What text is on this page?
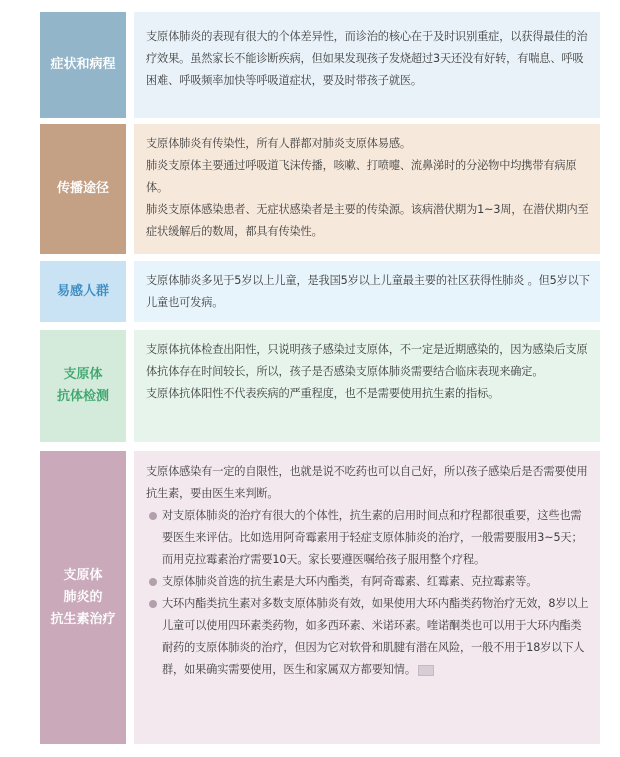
症状和病程

支原体肺炎的表现有很大的个体差异性，而诊治的核心在于及时识别重症，以获得最佳的治疗效果。虽然家长不能诊断疾病，但如果发现孩子发烧超过3天还没有好转，有喘息、呼吸困难、呼吸频率加快等呼吸道症状，要及时带孩子就医。

传播途径

支原体肺炎有传染性，所有人群都对肺炎支原体易感。

肺炎支原体主要通过呼吸道飞沫传播，咳嗽、打喷嚏、流鼻涕时的分泌物中均携带有病原体。

肺炎支原体感染患者、无症状感染者是主要的传染源。该病潜伏期为1~3周，在潜伏期内至症状缓解后的数周，都具有传染性。

易感人群

支原体肺炎多见于5岁以上儿童，是我国5岁以上儿童最主要的社区获得性肺炎 。但5岁以下儿童也可发病。

支原体
抗体检测

支原体抗体检查出阳性，只说明孩子感染过支原体，不一定是近期感染的，因为感染后支原体抗体存在时间较长，所以，孩子是否感染支原体肺炎需要结合临床表现来确定。

支原体抗体阳性不代表疾病的严重程度，也不是需要使用抗生素的指标。

支原体
肺炎的
抗生素治疗

支原体感染有一定的自限性，也就是说不吃药也可以自己好，所以孩子感染后是否需要使用抗生素，要由医生来判断。

对支原体肺炎的治疗有很大的个体性，抗生素的启用时间点和疗程都很重要，这些也需要医生来评估。比如选用阿奇霉素用于轻症支原体肺炎的治疗，一般需要服用3~5天；而用克拉霉素治疗需要10天。家长要遵医嘱给孩子服用整个疗程。

支原体肺炎首选的抗生素是大环内酯类，有阿奇霉素、红霉素、克拉霉素等。

大环内酯类抗生素对多数支原体肺炎有效，如果使用大环内酯类药物治疗无效，8岁以上儿童可以使用四环素类药物，如多西环素、米诺环素。喹诺酮类也可以用于大环内酯类耐药的支原体肺炎的治疗，但因为它对软骨和肌腱有潜在风险，一般不用于18岁以下人群，如果确实需要使用，医生和家属双方都要知情。
